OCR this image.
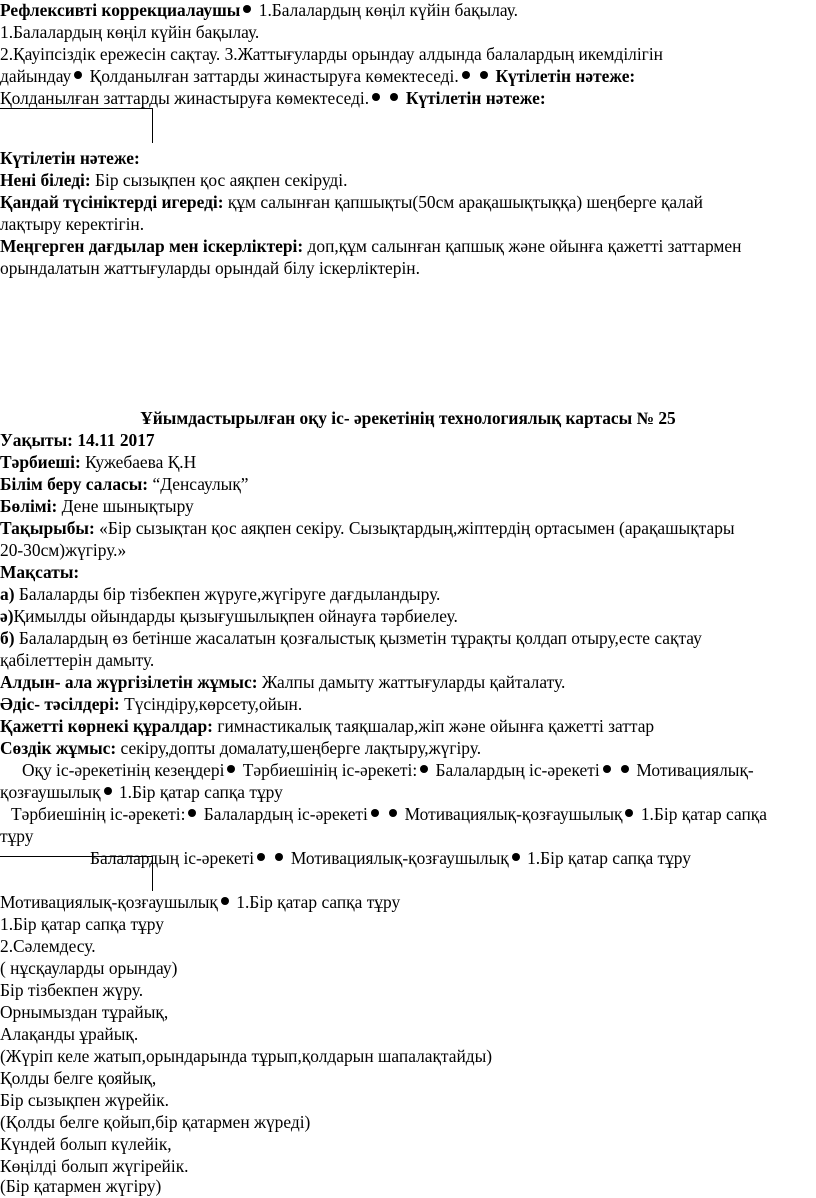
Рефлексивті коррекциалаушы 1.Балалардың көңіл күйін бақылау.
1.Балалардың көңіл күйін бақылау.
2.Қауіпсіздік ережесін сақтау. 3.Жаттығуларды орындау алдында балалардың икемділігін
дайындау Қолданылған заттарды жинастыруға көмектеседі. Күтілетін нәтеже:
Қолданылған заттарды жинастыруға көмектеседі. Күтілетін нәтеже:
Күтілетін нәтеже:
Нені біледі: Бір сызықпен қос аяқпен секіруді.
Қандай түсініктерді игереді: құм салынған қапшықты(50см арақашықтыққа) шеңберге қалай
лақтыру керектігін.
Меңгерген дағдылар мен іскерліктері: доп,құм салынған қапшық және ойынға қажетті заттармен
орындалатын жаттығуларды орындай білу іскерліктерін.
Ұйымдастырылған оқу іс- әрекетінің технологиялық картасы № 25
Уақыты: 14.11 2017
Тәрбиеші: Кужебаева Қ.Н
Білім беру саласы: “Денсаулық”
Бөлімі: Дене шынықтыру
Тақырыбы: «Бір сызықтан қос аяқпен секіру. Сызықтардың,жіптердің ортасымен (арақашықтары
20-30см)жүгіру.»
Мақсаты:
а) Балаларды бір тізбекпен жүруге,жүгіруге дағдыландыру.
ә)Қимылды ойындарды қызығушылықпен ойнауға тәрбиелеу.
б) Балалардың өз бетінше жасалатын қозғалыстық қызметін тұрақты қолдап отыру,есте сақтау
қабілеттерін дамыту.
Алдын- ала жүргізілетін жұмыс: Жалпы дамыту жаттығуларды қайталату.
Әдіс- тәсілдері: Түсіндіру,көрсету,ойын.
Қажетті көрнекі құралдар: гимнастикалық таяқшалар,жіп және ойынға қажетті заттар
Сөздік жұмыс: секіру,допты домалату,шеңберге лақтыру,жүгіру.
Оқу іс-әрекетінің кезеңдері Тәрбиешінің іс-әрекеті: Балалардың іс-әрекеті Мотивациялық-
қозғаушылық 1.Бір қатар сапқа тұру
Тәрбиешінің іс-әрекеті: Балалардың іс-әрекеті Мотивациялық-қозғаушылық 1.Бір қатар сапқа
тұру
Балалардың іс-әрекеті Мотивациялық-қозғаушылық 1.Бір қатар сапқа тұру
Мотивациялық-қозғаушылық 1.Бір қатар сапқа тұру
1.Бір қатар сапқа тұру
2.Сәлемдесу.
( нұсқауларды орындау)
Бір тізбекпен жүру.
Орнымыздан тұрайық,
Алақанды ұрайық.
(Жүріп келе жатып,орындарында тұрып,қолдарын шапалақтайды)
Қолды белге қояйық,
Бір сызықпен жүрейік.
(Қолды белге қойып,бір қатармен жүреді)
Күндей болып күлейік,
Көңілді болып жүгірейік.
(Бір қатармен жүгіру)
